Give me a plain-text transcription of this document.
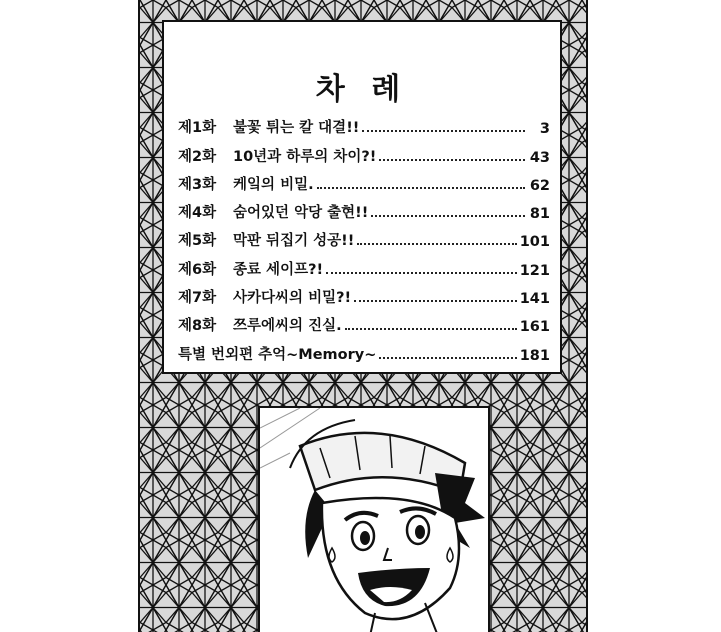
차 례
제1화	불꽃 튀는 칼 대결!!	3
제2화	10년과 하루의 차이?!	43
제3화	케잌의 비밀.	62
제4화	숨어있던 악당 출현!!	81
제5화	막판 뒤집기 성공!!	101
제6화	종료 세이프?!	121
제7화	사카다씨의 비밀?!	141
제8화	쯔루에씨의 진실.	161
특별 번외편 추억~Memory~	181
